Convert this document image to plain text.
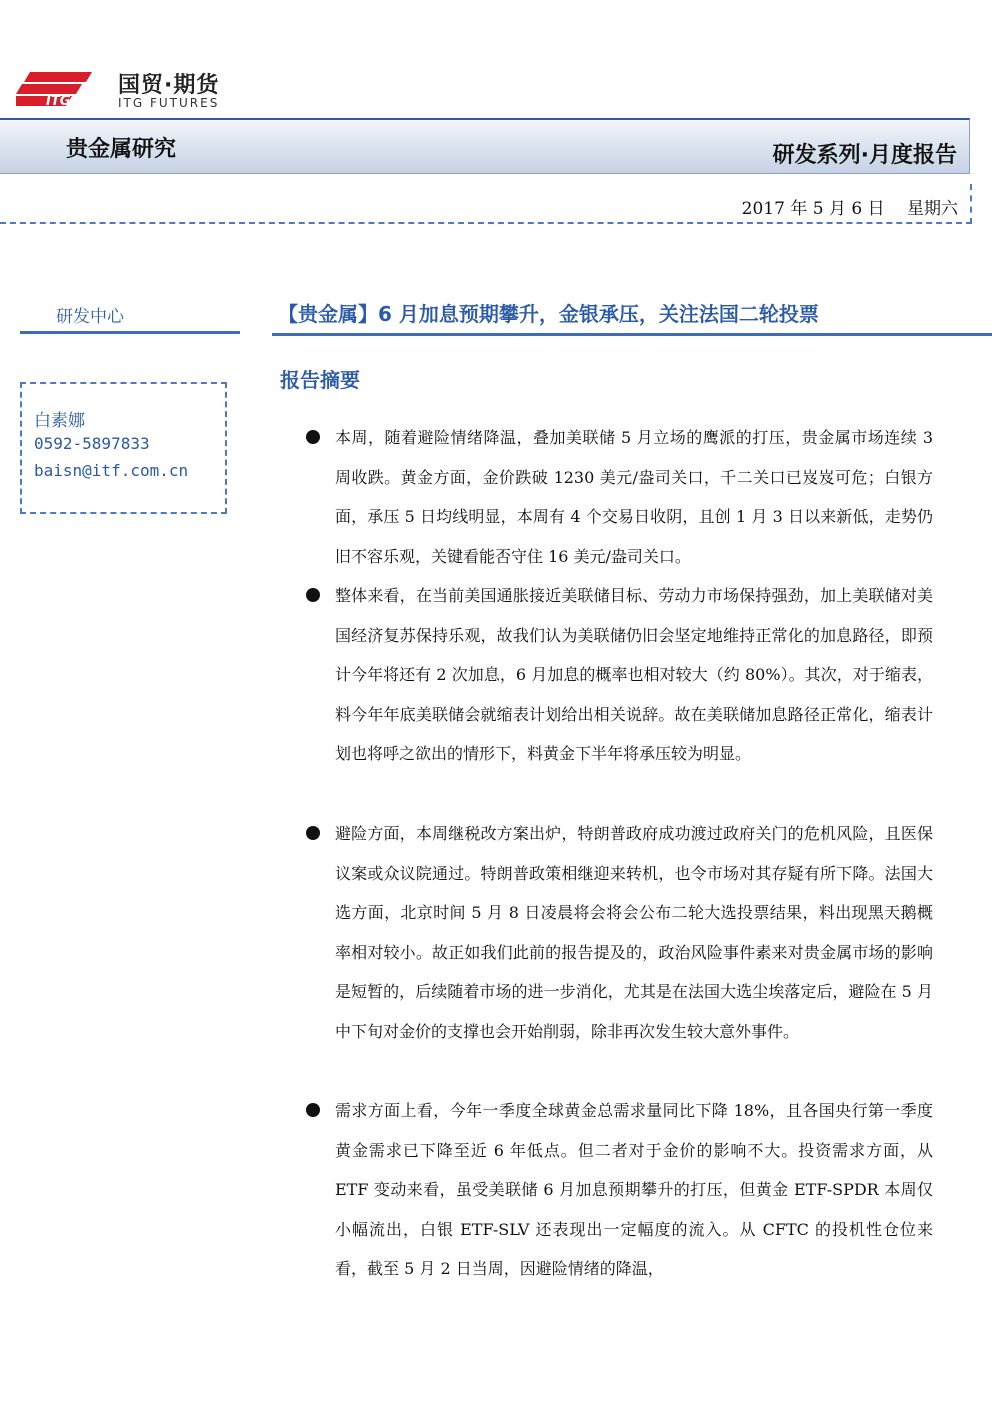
ITG
国贸·期货
ITG FUTURES
贵金属研究	研发系列·月度报告
2017 年 5 月 6 日　 星期六
研发中心
白素娜
0592-5897833
baisn@itf.com.cn
【贵金属】6 月加息预期攀升，金银承压，关注法国二轮投票
报告摘要
本周，随着避险情绪降温，叠加美联储 5 月立场的鹰派的打压，贵金属市场连续 3 周收跌。黄金方面，金价跌破 1230 美元/盎司关口，千二关口已岌岌可危；白银方面，承压 5 日均线明显，本周有 4 个交易日收阴，且创 1 月 3 日以来新低，走势仍旧不容乐观，关键看能否守住 16 美元/盎司关口。
整体来看，在当前美国通胀接近美联储目标、劳动力市场保持强劲，加上美联储对美国经济复苏保持乐观，故我们认为美联储仍旧会坚定地维持正常化的加息路径，即预计今年将还有 2 次加息，6 月加息的概率也相对较大（约 80%）。其次，对于缩表，料今年年底美联储会就缩表计划给出相关说辞。故在美联储加息路径正常化，缩表计划也将呼之欲出的情形下，料黄金下半年将承压较为明显。
避险方面，本周继税改方案出炉，特朗普政府成功渡过政府关门的危机风险，且医保议案或众议院通过。特朗普政策相继迎来转机，也令市场对其存疑有所下降。法国大选方面，北京时间 5 月 8 日凌晨将会将会公布二轮大选投票结果，料出现黑天鹅概率相对较小。故正如我们此前的报告提及的，政治风险事件素来对贵金属市场的影响是短暂的，后续随着市场的进一步消化，尤其是在法国大选尘埃落定后，避险在 5 月中下旬对金价的支撑也会开始削弱，除非再次发生较大意外事件。
需求方面上看，今年一季度全球黄金总需求量同比下降 18%，且各国央行第一季度黄金需求已下降至近 6 年低点。但二者对于金价的影响不大。投资需求方面，从 ETF 变动来看，虽受美联储 6 月加息预期攀升的打压，但黄金 ETF-SPDR 本周仅小幅流出，白银 ETF-SLV 还表现出一定幅度的流入。从 CFTC 的投机性仓位来看，截至 5 月 2 日当周，因避险情绪的降温，
